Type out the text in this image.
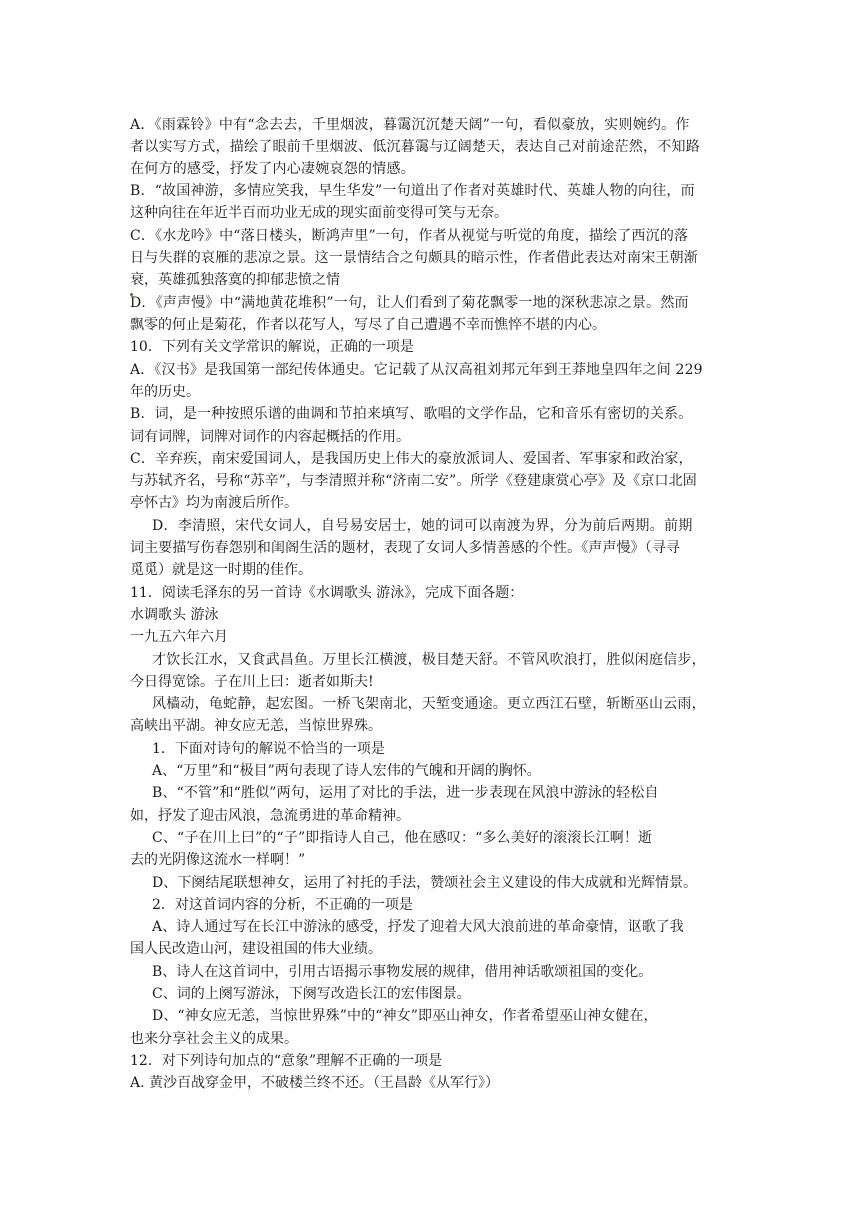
A．《雨霖铃》中有“念去去，千里烟波，暮霭沉沉楚天阔”一句，看似豪放，实则婉约。作
者以实写方式，描绘了眼前千里烟波、低沉暮霭与辽阔楚天，表达自己对前途茫然，不知路
在何方的感受，抒发了内心凄婉哀怨的情感。
B．“故国神游，多情应笑我，早生华发”一句道出了作者对英雄时代、英雄人物的向往，而
这种向往在年近半百而功业无成的现实面前变得可笑与无奈。
C．《水龙吟》中“落日楼头，断鸿声里”一句，作者从视觉与听觉的角度，描绘了西沉的落
日与失群的哀雁的悲凉之景。这一景情结合之句颇具的暗示性，作者借此表达对南宋王朝渐
衰，英雄孤独落寞的抑郁悲愤之情
D．《声声慢》中“满地黄花堆积”一句，让人们看到了菊花飘零一地的深秋悲凉之景。然而
飘零的何止是菊花，作者以花写人，写尽了自己遭遇不幸而憔悴不堪的内心。
10．下列有关文学常识的解说，正确的一项是
A．《汉书》是我国第一部纪传体通史。它记载了从汉高祖刘邦元年到王莽地皇四年之间 229
年的历史。
B．词，是一种按照乐谱的曲调和节拍来填写、歌唱的文学作品，它和音乐有密切的关系。
词有词牌，词牌对词作的内容起概括的作用。
C．辛弃疾，南宋爱国词人，是我国历史上伟大的豪放派词人、爱国者、军事家和政治家，
与苏轼齐名，号称“苏辛”，与李清照并称“济南二安”。所学《登建康赏心亭》及《京口北固
亭怀古》均为南渡后所作。
D．李清照，宋代女词人，自号易安居士，她的词可以南渡为界，分为前后两期。前期
词主要描写伤春怨别和闺阁生活的题材，表现了女词人多情善感的个性。《声声慢》（寻寻
觅觅）就是这一时期的佳作。
11．阅读毛泽东的另一首诗《水调歌头 游泳》，完成下面各题：
水调歌头 游泳
一九五六年六月
才饮长江水，又食武昌鱼。万里长江横渡，极目楚天舒。不管风吹浪打，胜似闲庭信步，
今日得宽馀。子在川上曰：逝者如斯夫!
风樯动，龟蛇静，起宏图。一桥飞架南北，天堑变通途。更立西江石壁，斩断巫山云雨，
高峡出平湖。神女应无恙，当惊世界殊。
1．下面对诗句的解说不恰当的一项是
A、“万里”和“极目”两句表现了诗人宏伟的气魄和开阔的胸怀。
B、“不管”和“胜似”两句，运用了对比的手法，进一步表现在风浪中游泳的轻松自
如，抒发了迎击风浪，急流勇进的革命精神。
C、“子在川上曰”的“子”即指诗人自己，他在感叹：“多么美好的滚滚长江啊！逝
去的光阴像这流水一样啊！”
D、下阕结尾联想神女，运用了衬托的手法，赞颂社会主义建设的伟大成就和光辉情景。
2．对这首词内容的分析，不正确的一项是
A、诗人通过写在长江中游泳的感受，抒发了迎着大风大浪前进的革命豪情，讴歌了我
国人民改造山河，建设祖国的伟大业绩。
B、诗人在这首词中，引用古语揭示事物发展的规律，借用神话歌颂祖国的变化。
C、词的上阕写游泳，下阕写改造长江的宏伟图景。
D、“神女应无恙，当惊世界殊”中的“神女”即巫山神女，作者希望巫山神女健在，
也来分享社会主义的成果。
12．对下列诗句加点的“意象”理解不正确的一项是
A. 黄沙百战穿金甲，不破楼兰终不还。（王昌龄《从军行》）
